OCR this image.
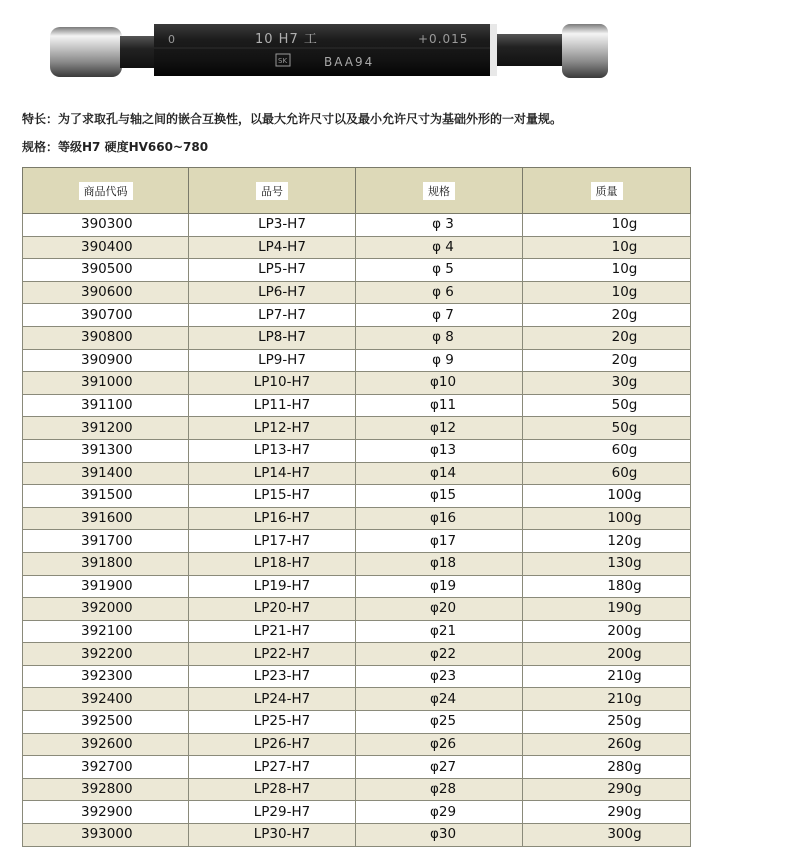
0	10 H7 工	+0.015
SK	BAA94
特长：为了求取孔与轴之间的嵌合互换性，以最大允许尺寸以及最小允许尺寸为基础外形的一对量规。
规格：等级H7 硬度HV660~780
商品代码	品号	规格	质量
390300	LP3-H7	φ 3	10g
390400	LP4-H7	φ 4	10g
390500	LP5-H7	φ 5	10g
390600	LP6-H7	φ 6	10g
390700	LP7-H7	φ 7	20g
390800	LP8-H7	φ 8	20g
390900	LP9-H7	φ 9	20g
391000	LP10-H7	φ10	30g
391100	LP11-H7	φ11	50g
391200	LP12-H7	φ12	50g
391300	LP13-H7	φ13	60g
391400	LP14-H7	φ14	60g
391500	LP15-H7	φ15	100g
391600	LP16-H7	φ16	100g
391700	LP17-H7	φ17	120g
391800	LP18-H7	φ18	130g
391900	LP19-H7	φ19	180g
392000	LP20-H7	φ20	190g
392100	LP21-H7	φ21	200g
392200	LP22-H7	φ22	200g
392300	LP23-H7	φ23	210g
392400	LP24-H7	φ24	210g
392500	LP25-H7	φ25	250g
392600	LP26-H7	φ26	260g
392700	LP27-H7	φ27	280g
392800	LP28-H7	φ28	290g
392900	LP29-H7	φ29	290g
393000	LP30-H7	φ30	300g
